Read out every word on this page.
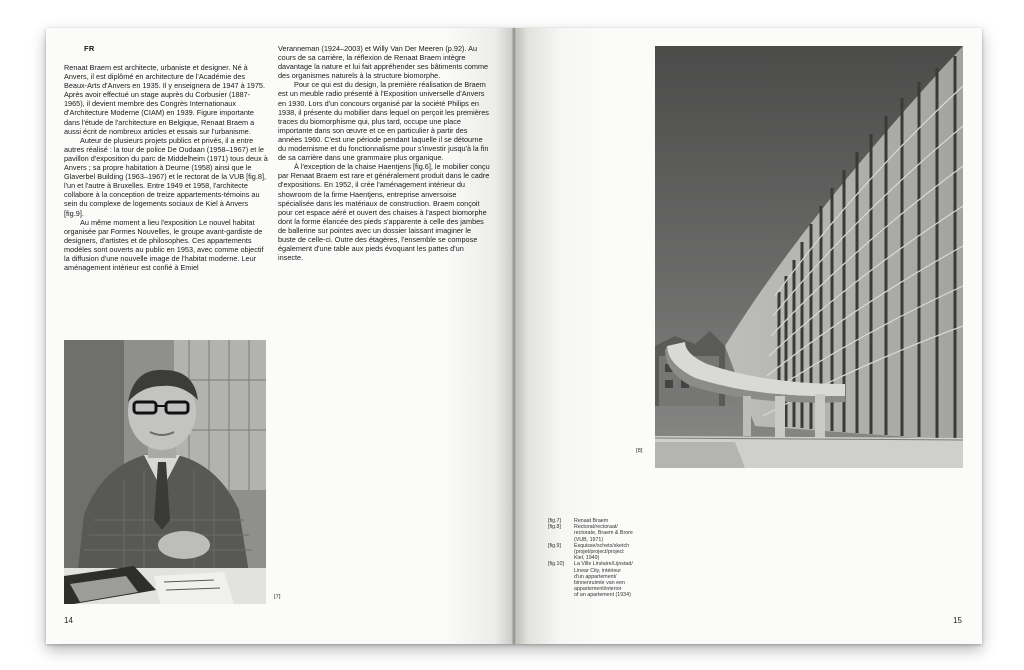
FR

Renaat Braem est architecte, urbaniste et designer. Né à Anvers, il est diplômé en architecture de l'Académie des Beaux-Arts d'Anvers en 1935. Il y enseignera de 1947 à 1975. Après avoir effectué un stage auprès du Corbusier (1887-1965), il devient membre des Congrès Internationaux d'Architecture Moderne (CIAM) en 1939. Figure importante dans l'étude de l'architecture en Belgique, Renaat Braem a aussi écrit de nombreux articles et essais sur l'urbanisme.

Auteur de plusieurs projets publics et privés, il a entre autres réalisé : la tour de police De Oudaan (1958–1967) et le pavillon d'exposition du parc de Middelheim (1971) tous deux à Anvers ; sa propre habitation à Deurne (1958) ainsi que le Glaverbel Building (1963–1967) et le rectorat de la VUB [fig.8], l'un et l'autre à Bruxelles. Entre 1949 et 1958, l'architecte collabore à la conception de treize appartements-témoins au sein du complexe de logements sociaux de Kiel à Anvers [fig.9].

Au même moment a lieu l'exposition Le nouvel habitat organisée par Formes Nouvelles, le groupe avant-gardiste de designers, d'artistes et de philosophes. Ces appartements modèles sont ouverts au public en 1953, avec comme objectif la diffusion d'une nouvelle image de l'habitat moderne. Leur aménagement intérieur est confié à Emiel

Veranneman (1924–2003) et Willy Van Der Meeren (p.92). Au cours de sa carrière, la réflexion de Renaat Braem intègre davantage la nature et lui fait appréhender ses bâtiments comme des organismes naturels à la structure biomorphe.

Pour ce qui est du design, la première réalisation de Braem est un meuble radio présenté à l'Exposition universelle d'Anvers en 1930. Lors d'un concours organisé par la société Philips en 1938, il présente du mobilier dans lequel on perçoit les premières traces du biomorphisme qui, plus tard, occupe une place importante dans son œuvre et ce en particulier à partir des années 1960. C'est une période pendant laquelle il se détourne du modernisme et du fonctionnalisme pour s'investir jusqu'à la fin de sa carrière dans une grammaire plus organique.

À l'exception de la chaise Haentjens [fig.6], le mobilier conçu par Renaat Braem est rare et généralement produit dans le cadre d'expositions. En 1952, il crée l'aménagement intérieur du showroom de la firme Haentjens, entreprise anversoise spécialisée dans les matériaux de construction. Braem conçoit pour cet espace aéré et ouvert des chaises à l'aspect biomorphe dont la forme élancée des pieds s'apparente à celle des jambes de ballerine sur pointes avec un dossier laissant imaginer le buste de celle-ci. Outre des étagères, l'ensemble se compose également d'une table aux pieds évoquant les pattes d'un insecte.

[7]
14	15
[8]
[fig.7]	Renaat Braem
[fig.8]	Rectorat/rectoraat/
rectorate, Braem & Brore
(VUB, 1971)
[fig.9]	Esquisse/schets/sketch
(projet/project/project
Kiel, 1949)
[fig.10]	La Ville Linéaire/Lijnstad/
Linear City, intérieur
d'un appartement/
binnenruimte van een
appartement/interior
of an apartement (1934)
